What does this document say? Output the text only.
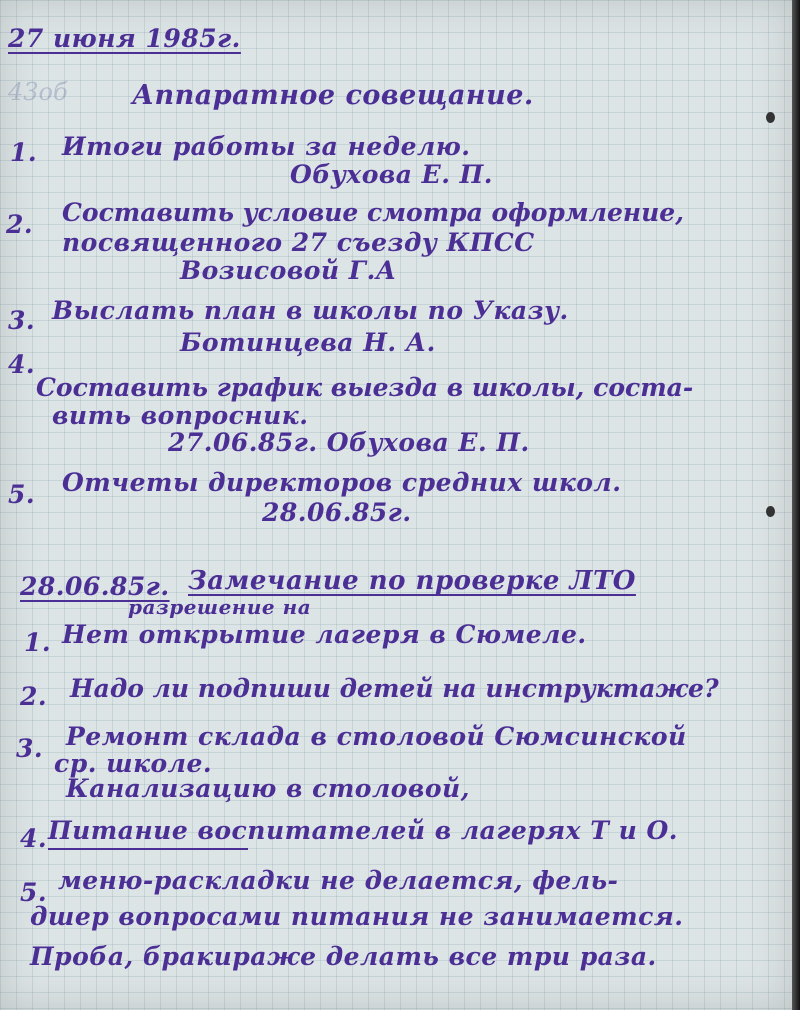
43об
27 июня 1985г.
Аппаратное совещание.
1. Итоги работы за неделю.
Обухова Е. П.
2. Составить условие смотра оформление,
посвященного 27 съезду КПСС
Возисовой Г.А
3. Выслать план в школы по Указу.
Ботинцева Н. А.
4.
Составить график выезда в школы, соста-
вить вопросник.
27.06.85г. Обухова Е. П.
5. Отчеты директоров средних школ.
28.06.85г.
28.06.85г. Замечание по проверке ЛТО
разрешение на
1. Нет открытие лагеря в Сюмеле.
2. Надо ли подпиши детей на инструктаже?
3. Ремонт склада в столовой Сюмсинской
ср. школе.
Канализацию в столовой,
4. Питание воспитателей в лагерях Т и О.
5. меню-раскладки не делается, фель-
дшер вопросами питания не занимается.
Проба, бракираже делать все три раза.
